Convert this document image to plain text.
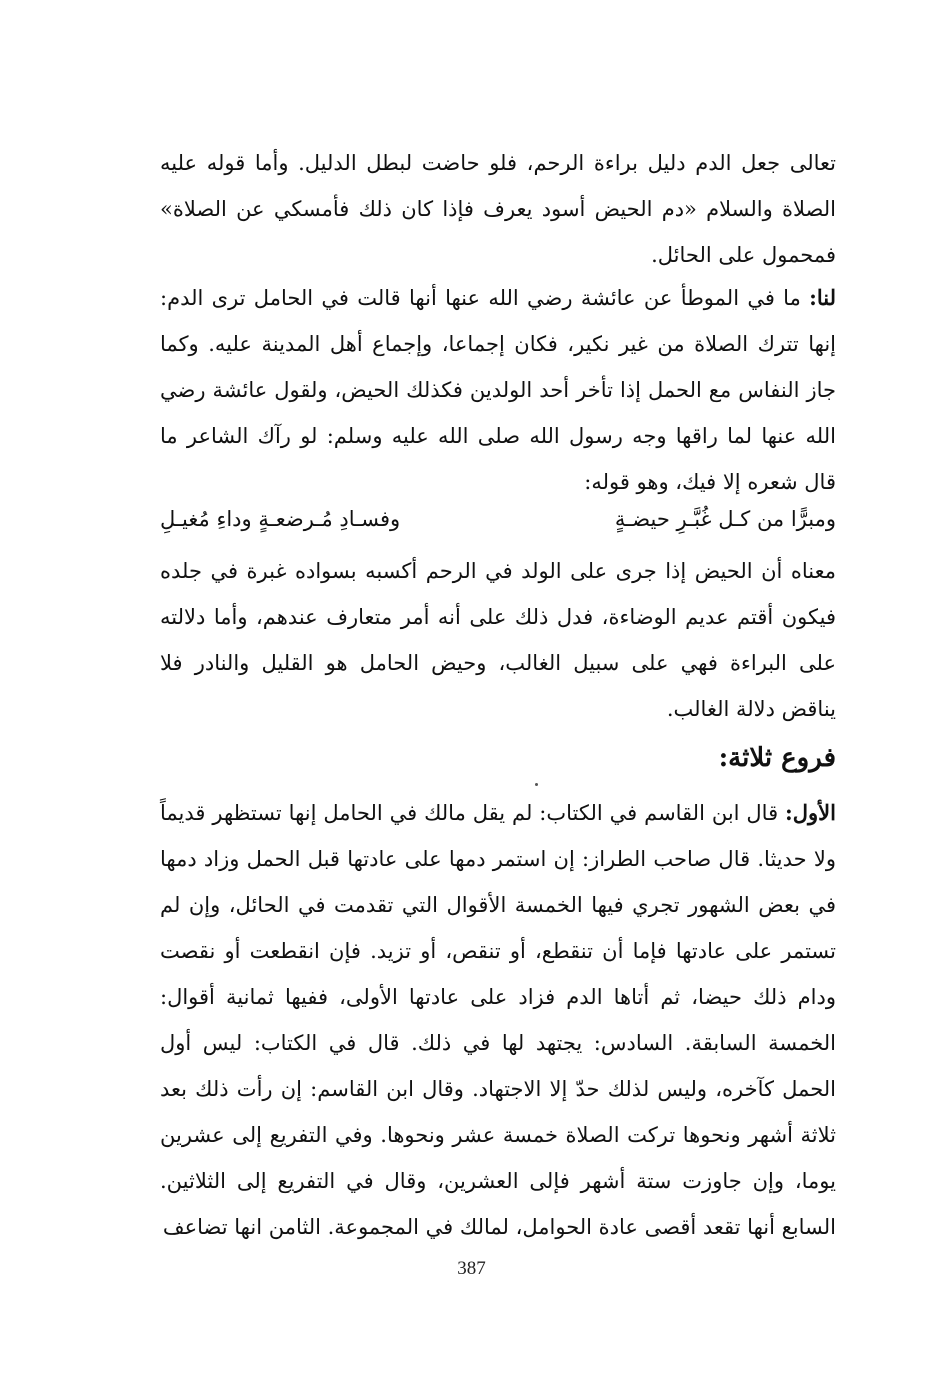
تعالى جعل الدم دليل براءة الرحم، فلو حاضت لبطل الدليل. وأما قوله عليه الصلاة والسلام «دم الحيض أسود يعرف فإذا كان ذلك فأمسكي عن الصلاة» فمحمول على الحائل.
لنا: ما في الموطأ عن عائشة رضي الله عنها أنها قالت في الحامل ترى الدم: إنها تترك الصلاة من غير نكير، فكان إجماعا، وإجماع أهل المدينة عليه. وكما جاز النفاس مع الحمل إذا تأخر أحد الولدين فكذلك الحيض، ولقول عائشة رضي الله عنها لما راقها وجه رسول الله صلى الله عليه وسلم: لو رآك الشاعر ما قال شعره إلا فيك، وهو قوله:
ومبرًّا من كـل غُبَّـرِ حيضـةٍ
وفسـادِ مُـرضعـةٍ وداءِ مُغيـلِ
معناه أن الحيض إذا جرى على الولد في الرحم أكسبه بسواده غبرة في جلده فيكون أقتم عديم الوضاءة، فدل ذلك على أنه أمر متعارف عندهم، وأما دلالته على البراءة فهي على سبيل الغالب، وحيض الحامل هو القليل والنادر فلا يناقض دلالة الغالب.
فروع ثلاثة:
الأول: قال ابن القاسم في الكتاب: لم يقل مالك في الحامل إنها تستظهر قديماً ولا حديثا. قال صاحب الطراز: إن استمر دمها على عادتها قبل الحمل وزاد دمها في بعض الشهور تجري فيها الخمسة الأقوال التي تقدمت في الحائل، وإن لم تستمر على عادتها فإما أن تنقطع، أو تنقص، أو تزيد. فإن انقطعت أو نقصت ودام ذلك حيضا، ثم أتاها الدم فزاد على عادتها الأولى، ففيها ثمانية أقوال: الخمسة السابقة. السادس: يجتهد لها في ذلك. قال في الكتاب: ليس أول الحمل كآخره، وليس لذلك حدّ إلا الاجتهاد. وقال ابن القاسم: إن رأت ذلك بعد ثلاثة أشهر ونحوها تركت الصلاة خمسة عشر ونحوها. وفي التفريع إلى عشرين يوما، وإن جاوزت ستة أشهر فإلى العشرين، وقال في التفريع إلى الثلاثين. السابع أنها تقعد أقصى عادة الحوامل، لمالك في المجموعة. الثامن انها تضاعف
387
